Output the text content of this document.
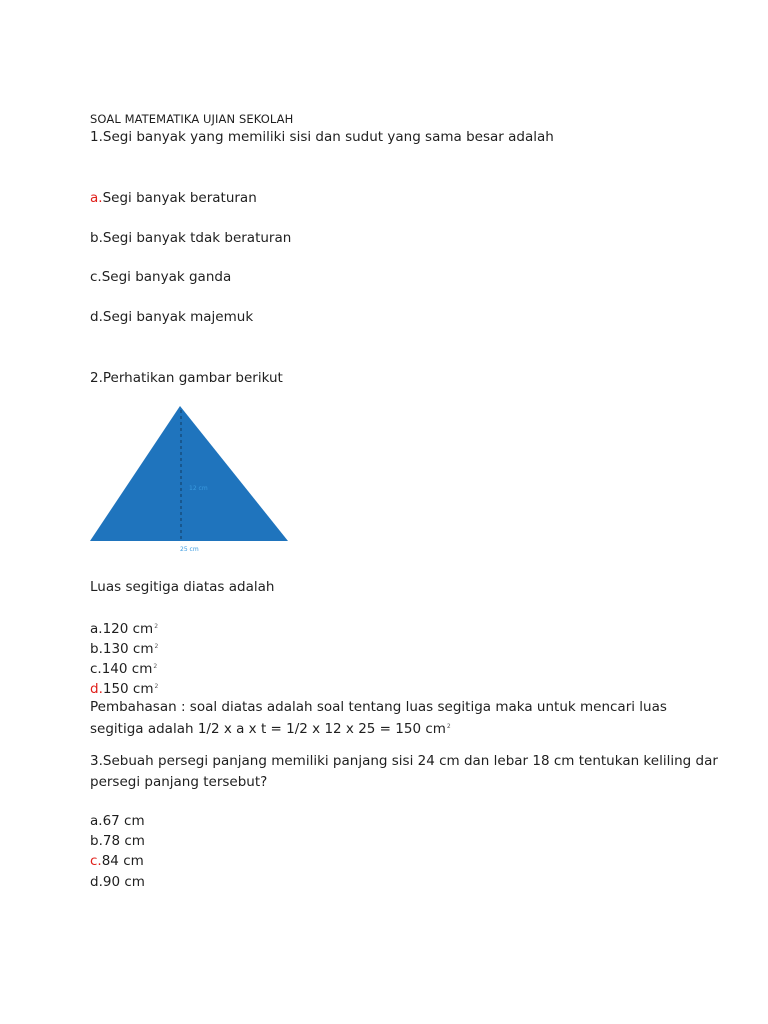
SOAL MATEMATIKA UJIAN SEKOLAH
1.Segi banyak yang memiliki sisi dan sudut yang sama besar adalah
a.Segi banyak beraturan
b.Segi banyak tdak beraturan
c.Segi banyak ganda
d.Segi banyak majemuk
2.Perhatikan gambar berikut
12 cm
25 cm
Luas segitiga diatas adalah
a.120 $cm^2$
b.130 $cm^2$
c.140 $cm^2$
d.150 $cm^2$
Pembahasan : soal diatas adalah soal tentang luas segitiga maka untuk mencari luas
segitiga adalah 1/2 x a x t = 1/2 x 12 x 25 = 150 $cm^2$
3.Sebuah persegi panjang memiliki panjang sisi 24 cm dan lebar 18 cm tentukan keliling dar
persegi panjang tersebut?
a.67 cm
b.78 cm
c.84 cm
d.90 cm
